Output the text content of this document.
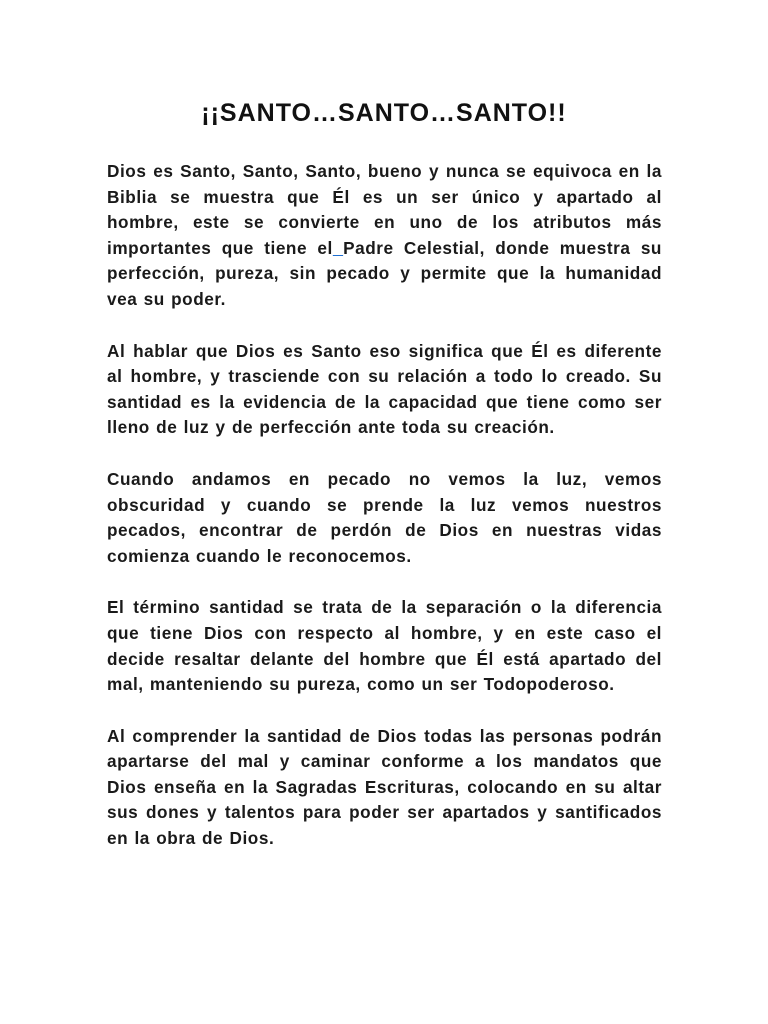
¡¡SANTO…SANTO…SANTO!!

Dios es Santo, Santo, Santo, bueno y nunca se equivoca en la Biblia se muestra que Él es un ser único y apartado al hombre, este se convierte en uno de los atributos más importantes que tiene el Padre Celestial, donde muestra su perfección, pureza, sin pecado y permite que la humanidad vea su poder.

Al hablar que Dios es Santo eso significa que Él es diferente al hombre, y trasciende con su relación a todo lo creado. Su santidad es la evidencia de la capacidad que tiene como ser lleno de luz y de perfección ante toda su creación.

Cuando andamos en pecado no vemos la luz, vemos obscuridad y cuando se prende la luz vemos nuestros pecados, encontrar de perdón de Dios en nuestras vidas comienza cuando le reconocemos.

El término santidad se trata de la separación o la diferencia que tiene Dios con respecto al hombre, y en este caso el decide resaltar delante del hombre que Él está apartado del mal, manteniendo su pureza, como un ser Todopoderoso.

Al comprender la santidad de Dios todas las personas podrán apartarse del mal y caminar conforme a los mandatos que Dios enseña en la Sagradas Escrituras, colocando en su altar sus dones y talentos para poder ser apartados y santificados en la obra de Dios.
